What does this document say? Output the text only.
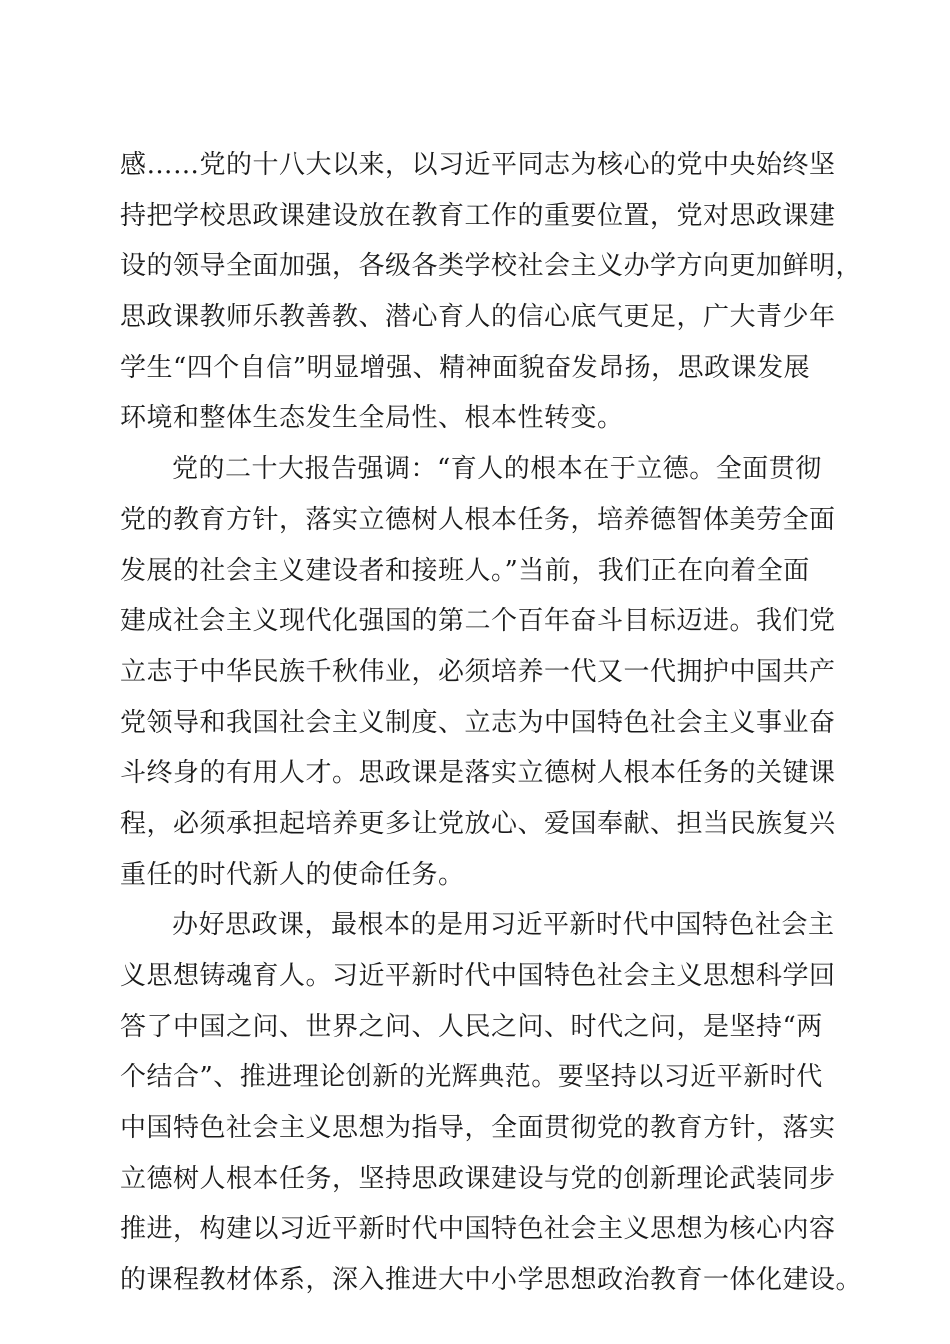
感……党的十八大以来，以习近平同志为核心的党中央始终坚
持把学校思政课建设放在教育工作的重要位置，党对思政课建
设的领导全面加强，各级各类学校社会主义办学方向更加鲜明，
思政课教师乐教善教、潜心育人的信心底气更足，广大青少年
学生“四个自信”明显增强、精神面貌奋发昂扬，思政课发展
环境和整体生态发生全局性、根本性转变。
党的二十大报告强调：“育人的根本在于立德。全面贯彻
党的教育方针，落实立德树人根本任务，培养德智体美劳全面
发展的社会主义建设者和接班人。”当前，我们正在向着全面
建成社会主义现代化强国的第二个百年奋斗目标迈进。我们党
立志于中华民族千秋伟业，必须培养一代又一代拥护中国共产
党领导和我国社会主义制度、立志为中国特色社会主义事业奋
斗终身的有用人才。思政课是落实立德树人根本任务的关键课
程，必须承担起培养更多让党放心、爱国奉献、担当民族复兴
重任的时代新人的使命任务。
办好思政课，最根本的是用习近平新时代中国特色社会主
义思想铸魂育人。习近平新时代中国特色社会主义思想科学回
答了中国之问、世界之问、人民之问、时代之问，是坚持“两
个结合”、推进理论创新的光辉典范。要坚持以习近平新时代
中国特色社会主义思想为指导，全面贯彻党的教育方针，落实
立德树人根本任务，坚持思政课建设与党的创新理论武装同步
推进，构建以习近平新时代中国特色社会主义思想为核心内容
的课程教材体系，深入推进大中小学思想政治教育一体化建设。
